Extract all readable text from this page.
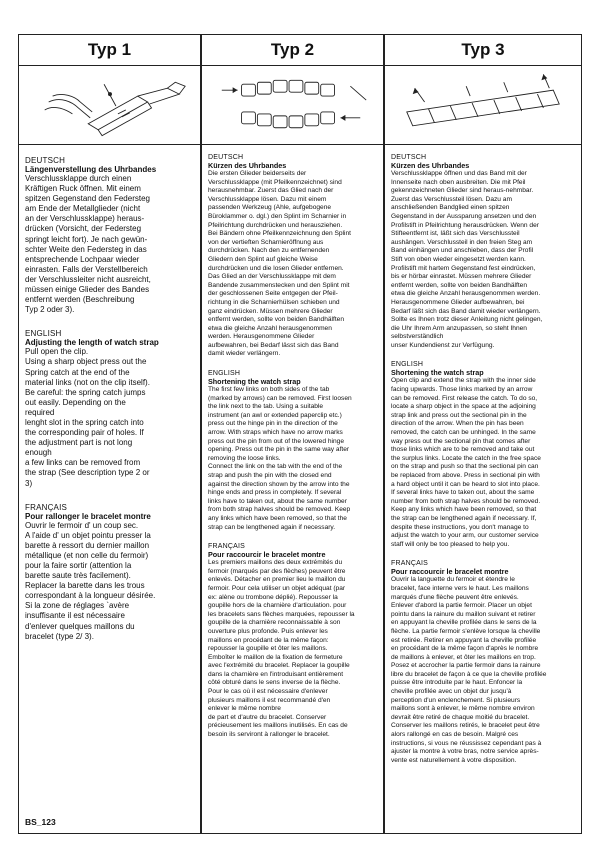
Typ 1
DEUTSCH
Längenverstellung des Uhrbandes
Verschlussklappe durch einen
Kräftigen Ruck öffnen. Mit einem
spitzen Gegenstand den Federsteg
am Ende der Metallglieder (nicht
an der Verschlussklappe) heraus-
drücken (Vorsicht, der Federsteg
springt leicht fort). Je nach gewün-
schter Weite den Federsteg in das
entsprechende Lochpaar wieder
einrasten. Falls der Verstellbereich
der Verschlussleiter nicht ausreicht,
müssen einige Glieder des Bandes
entfernt werden (Beschreibung
Typ 2 oder 3).
ENGLISH
Adjusting the length of watch strap
Pull open the clip.
Using a sharp object press out the
Spring catch at the end of the
material links (not on the clip itself).
Be careful: the spring catch jumps
out easily. Depending on the
required
lenght slot in the spring catch into
the corresponding pair of holes. If
the adjustment part is not long
enough
a few links can be removed from
the strap (See description type 2 or
3)
FRANÇAIS
Pour rallonger le bracelet montre
Ouvrir le fermoir d' un coup sec.
A l'aide d' un objet pointu presser la
barette à ressort du dernier maillon
métallique (et non celle du fermoir)
pour la faire sortir (attention la
barette saute très facilement).
Replacer la barette dans les trous
correspondant à la longueur désirée.
Si la zone de réglages `avère
insuffisante il est nécessaire
d'enlever quelques maillons du
bracelet (type 2/ 3).
BS_123
Typ 2
DEUTSCH
Kürzen des Uhrbandes
Die ersten Glieder beiderseits der
Verschlussklappe (mit Pfeilkennzeichnet) sind
herausnehmbar. Zuerst das Glied nach der
Verschlussklappe lösen. Dazu mit einem
passenden Werkzeug (Ahle, aufgebogene
Büroklammer o. dgl.) den Splint im Scharnier in
Pfeilrichtung durchdrücken und herausziehen.
Bei Bändern ohne Pfeilkennzeichnung den Splint
von der vertieften Scharnieröffnung aus
durchdrücken. Nach den zu entfernenden
Gliedern den Splint auf gleiche Weise
durchdrücken und die losen Glieder entfernen.
Das Glied an der Verschlussklappe mit dem
Bandende zusammenstecken und den Splint mit
der geschlossenen Seite entgegen der Pfeil-
richtung in die Scharnierhülsen schieben und
ganz eindrücken. Müssen mehrere Glieder
entfernt werden, sollte von beiden Bandhälften
etwa die gleiche Anzahl herausgenommen
werden. Herausgenommene Glieder
aufbewahren, bei Bedarf lässt sich das Band
damit wieder verlängern.
ENGLISH
Shortening the watch strap
The first few links on both sides of the tab
(marked by arrows) can be removed. First loosen
the link next to the tab. Using a suitable
instrument (an awl or extended paperclip etc.)
press out the hinge pin in the direction of the
arrow. With straps which have no arrow marks
press out the pin from out of the lowered hinge
opening. Press out the pin in the same way after
removing the loose links.
Connect the link on the tab with the end of the
strap and push the pin with the closed end
against the direction shown by the arrow into the
hinge ends and press in completely. If several
links have to taken out, about the same number
from both strap halves should be removed. Keep
any links which have been removed, so that the
strap can be lengthened again if necessary.
FRANÇAIS
Pour raccourcir le bracelet montre
Les premiers maillons des deux extrémités du
fermoir (marqués par des flèches) peuvent être
enlevés. Détacher en premier lieu le maillon du
fermoir. Pour cela utiliser un objet adéquat (par
ex: alène ou trombone déplié). Repousser la
goupille hors de la charnière d'articulation. pour
les bracelets sans flèches marquées, repousser la
goupille de la charnière reconnaissable à son
ouverture plus profonde. Puis enlever les
maillons en procédant de la même façon:
repousser la goupille et ôter les maillons.
Emboîter le maillon de la fixation de fermeture
avec l'extrémité du bracelet. Replacer la goupille
dans la charnière en l'introduisant entièrement
côté obturé dans le sens inverse de la flèche.
Pour le cas où il est nécessaire d'enlever
plusieurs maillons il est recommandé d'en
enlever le même nombre
de part et d'autre du bracelet. Conserver
précieusement les maillons inutilisés. En cas de
besoin ils serviront à rallonger le bracelet.
Typ 3
DEUTSCH
Kürzen des Uhrbandes
Verschlussklappe öffnen und das Band mit der
Innenseite nach oben ausbreiten. Die mit Pfeil
gekennzeichneten Glieder sind heraus-nehmbar.
Zuerst das Verschlussteil lösen. Dazu am
anschließenden Bandglied einen spitzen
Gegenstand in der Aussparung ansetzen und den
Profilstift in Pfeilrichtung herausdrücken. Wenn der
Stifteentfernt ist, läßt sich das Verschlussteil
aushängen. Verschlussteil in den freien Steg am
Band einhängen und anschieben, dass der Profil
Stift von oben wieder eingesetzt werden kann.
Profilstift mit hartem Gegenstand fest eindrücken,
bis er hörbar einrastet. Müssen mehrere Glieder
entfernt werden, sollte von beiden Bandhälften
etwa die gleiche Anzahl herausgenommen werden.
Herausgenommene Glieder aufbewahren, bei
Bedarf läßt sich das Band damit wieder verlängern.
Sollte es Ihnen trotz dieser Anleitung nicht gelingen,
die Uhr Ihrem Arm anzupassen, so steht Ihnen
selbstverständlich
unser Kundendienst zur Verfügung.
ENGLISH
Shortening the watch strap
Open clip and extend the strap with the inner side
facing upwards. Those links marked by an arrow
can be removed. First release the catch. To do so,
locate a sharp object in the space at the adjoining
strap link and press out the sectional pin in the
direction of the arrow. When the pin has been
removed, the catch can be unhinged. In the same
way press out the sectional pin that comes after
those links which are to be removed and take out
the surplus links. Locate the catch in the free space
on the strap and push so that the sectional pin can
be replaced from above. Press in sectional pin with
a hard object until it can be heard to slot into place.
If several links have to taken out, about the same
number from both strap halves should be removed.
Keep any links which have been removed, so that
the strap can be lengthened again if necessary. If,
despite these instructions, you don't manage to
adjust the watch to your arm, our customer service
staff will only be too pleased to help you.
FRANÇAIS
Pour raccourcir le bracelet montre
Ouvrir la languette du fermoir et étendre le
bracelet, face interne vers le haut. Les maillons
marqués d'une flèche peuvent être enlevés.
Enlever d'abord la partie fermoir. Placer un objet
pointu dans la rainure du maillon suivant et retirer
en appuyant la cheville profilée dans le sens de la
flèche. La partie fermoir s'enlève lorsque la cheville
est retirée. Retirer en appuyant la cheville profilée
en procédant de la même façon d'après le nombre
de maillons à enlever, et ôter les maillons en trop.
Posez et accrocher la partie fermoir dans la rainure
libre du bracelet de façon à ce que la cheville profilée
puisse être introduite par le haut. Enfoncer la
cheville profilée avec un objet dur jusqu'à
perception d'un enclenchement. Si plusieurs
maillons sont à enlever, le même nombre environ
devrait être retiré de chaque moitié du bracelet.
Conserver les maillons retirés, le bracelet peut être
alors rallongé en cas de besoin. Malgré ces
instructions, si vous ne réussissez cependant pas à
ajuster la montre à votre bras, notre service après-
vente est naturellement à votre disposition.
